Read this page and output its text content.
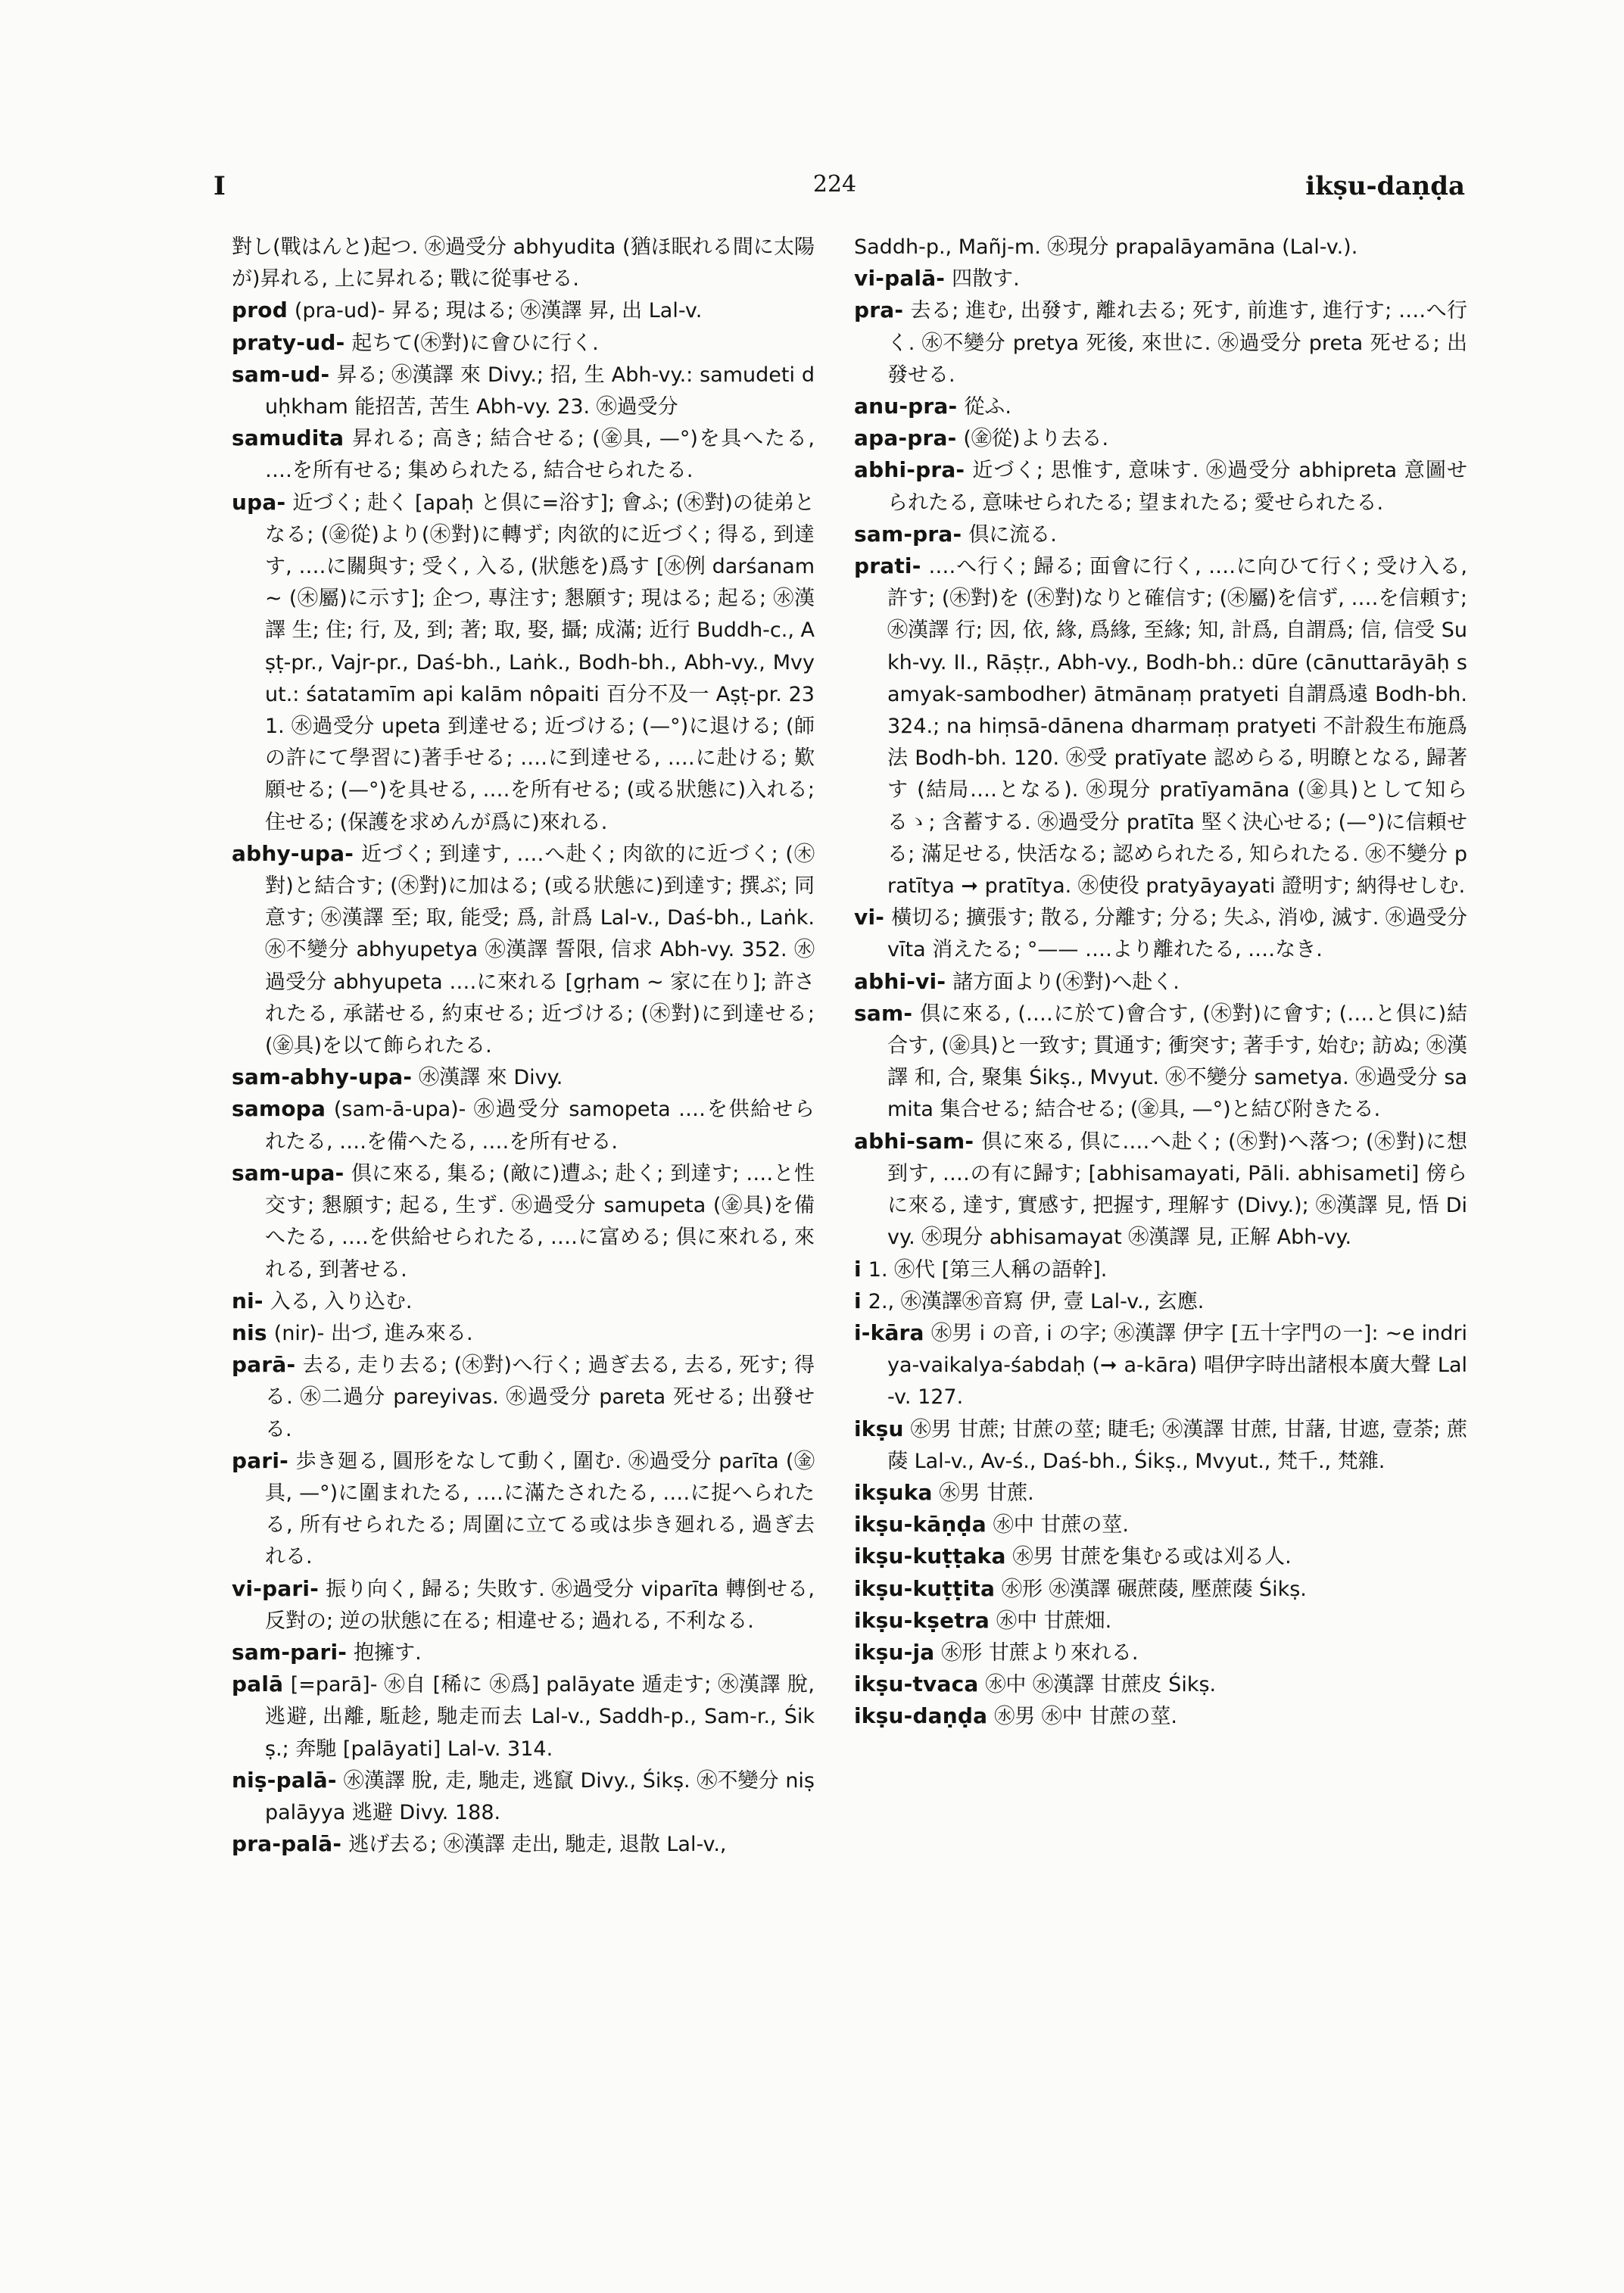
I	224	ikṣu-daṇḍa
對し(戰はんと)起つ. ㊌過受分 abhyudita (猶ほ眠れる間に太陽が)昇れる, 上に昇れる; 戰に從事せる.
prod (pra-ud)- 昇る; 現はる; ㊌漢譯 昇, 出 Lal-v.
praty-ud- 起ちて(㊍對)に會ひに行く.
sam-ud- 昇る; ㊌漢譯 來 Divy.; 招, 生 Abh-vy.: samudeti duḥkham 能招苦, 苦生 Abh-vy. 23. ㊌過受分
samudita 昇れる; 高き; 結合せる; (㊎具, —°)を具へたる, ‥‥を所有せる; 集められたる, 結合せられたる.
upa- 近づく; 赴く [apaḥ と倶に=浴す]; 會ふ; (㊍對)の徒弟となる; (㊎從)より(㊍對)に轉ず; 肉欲的に近づく; 得る, 到達す, ‥‥に關與す; 受く, 入る, (狀態を)爲す [㊌例 darśanam ∼ (㊍屬)に示す]; 企つ, 專注す; 懇願す; 現はる; 起る; ㊌漢譯 生; 住; 行, 及, 到; 著; 取, 娶, 攝; 成滿; 近行 Buddh-c., Aṣṭ-pr., Vajr-pr., Daś-bh., Laṅk., Bodh-bh., Abh-vy., Mvyut.: śatatamīm api kalām nôpaiti 百分不及一 Aṣṭ-pr. 231. ㊌過受分 upeta 到達せる; 近づける; (—°)に退ける; (師の許にて學習に)著手せる; ‥‥に到達せる, ‥‥に赴ける; 歎願せる; (—°)を具せる, ‥‥を所有せる; (或る狀態に)入れる; 住せる; (保護を求めんが爲に)來れる.
abhy-upa- 近づく; 到達す, ‥‥へ赴く; 肉欲的に近づく; (㊍對)と結合す; (㊍對)に加はる; (或る狀態に)到達す; 撰ぶ; 同意す; ㊌漢譯 至; 取, 能受; 爲, 計爲 Lal-v., Daś-bh., Laṅk. ㊌不變分 abhyupetya ㊌漢譯 誓限, 信求 Abh-vy. 352. ㊌過受分 abhyupeta ‥‥に來れる [gṛham ∼ 家に在り]; 許されたる, 承諾せる, 約束せる; 近づける; (㊍對)に到達せる; (㊎具)を以て飾られたる.
sam-abhy-upa- ㊌漢譯 來 Divy.
samopa (sam-ā-upa)- ㊌過受分 samopeta ‥‥を供給せられたる, ‥‥を備へたる, ‥‥を所有せる.
sam-upa- 倶に來る, 集る; (敵に)遭ふ; 赴く; 到達す; ‥‥と性交す; 懇願す; 起る, 生ず. ㊌過受分 samupeta (㊎具)を備へたる, ‥‥を供給せられたる, ‥‥に富める; 倶に來れる, 來れる, 到著せる.
ni- 入る, 入り込む.
nis (nir)- 出づ, 進み來る.
parā- 去る, 走り去る; (㊍對)へ行く; 過ぎ去る, 去る, 死す; 得る. ㊌二過分 pareyivas. ㊌過受分 pareta 死せる; 出發せる.
pari- 歩き廻る, 圓形をなして動く, 圍む. ㊌過受分 parīta (㊎具, —°)に圍まれたる, ‥‥に滿たされたる, ‥‥に捉へられたる, 所有せられたる; 周圍に立てる或は歩き廻れる, 過ぎ去れる.
vi-pari- 振り向く, 歸る; 失敗す. ㊌過受分 viparīta 轉倒せる, 反對の; 逆の狀態に在る; 相違せる; 過れる, 不利なる.
sam-pari- 抱擁す.
palā [=parā]- ㊌自 [稀に ㊌爲] palāyate 遁走す; ㊌漢譯 脫, 逃避, 出離, 駈趁, 馳走而去 Lal-v., Saddh-p., Sam-r., Śikṣ.; 奔馳 [palāyati] Lal-v. 314.
niṣ-palā- ㊌漢譯 脫, 走, 馳走, 逃竄 Divy., Śikṣ. ㊌不變分 niṣpalāyya 逃避 Divy. 188.
pra-palā- 逃げ去る; ㊌漢譯 走出, 馳走, 退散 Lal-v.,
Saddh-p., Mañj-m. ㊌現分 prapalāyamāna (Lal-v.).
vi-palā- 四散す.
pra- 去る; 進む, 出發す, 離れ去る; 死す, 前進す, 進行す; ‥‥へ行く. ㊌不變分 pretya 死後, 來世に. ㊌過受分 preta 死せる; 出發せる.
anu-pra- 從ふ.
apa-pra- (㊎從)より去る.
abhi-pra- 近づく; 思惟す, 意味す. ㊌過受分 abhipreta 意圖せられたる, 意味せられたる; 望まれたる; 愛せられたる.
sam-pra- 倶に流る.
prati- ‥‥へ行く; 歸る; 面會に行く, ‥‥に向ひて行く; 受け入る, 許す; (㊍對)を (㊍對)なりと確信す; (㊍屬)を信ず, ‥‥を信頼す; ㊌漢譯 行; 因, 依, 緣, 爲緣, 至緣; 知, 計爲, 自謂爲; 信, 信受 Sukh-vy. II., Rāṣṭr., Abh-vy., Bodh-bh.: dūre (cānuttarāyāḥ samyak-sambodher) ātmānaṃ pratyeti 自謂爲遠 Bodh-bh. 324.; na hiṃsā-dānena dharmaṃ pratyeti 不計殺生布施爲法 Bodh-bh. 120. ㊌受 pratīyate 認めらる, 明瞭となる, 歸著す (結局‥‥となる). ㊌現分 pratīyamāna (㊎具)として知らるゝ; 含蓄する. ㊌過受分 pratīta 堅く決心せる; (—°)に信頼せる; 滿足せる, 快活なる; 認められたる, 知られたる. ㊌不變分 pratītya ➞ pratītya. ㊌使役 pratyāyayati 證明す; 納得せしむ.
vi- 橫切る; 擴張す; 散る, 分離す; 分る; 失ふ, 消ゆ, 滅す. ㊌過受分 vīta 消えたる; °—— ‥‥より離れたる, ‥‥なき.
abhi-vi- 諸方面より(㊍對)へ赴く.
sam- 倶に來る, (‥‥に於て)會合す, (㊍對)に會す; (‥‥と倶に)結合す, (㊎具)と一致す; 貫通す; 衝突す; 著手す, 始む; 訪ぬ; ㊌漢譯 和, 合, 聚集 Śikṣ., Mvyut. ㊌不變分 sametya. ㊌過受分 samita 集合せる; 結合せる; (㊎具, —°)と結び附きたる.
abhi-sam- 倶に來る, 倶に‥‥へ赴く; (㊍對)へ落つ; (㊍對)に想到す, ‥‥の有に歸す; [abhisamayati, Pāli. abhisameti] 傍らに來る, 達す, 實感す, 把握す, 理解す (Divy.); ㊌漢譯 見, 悟 Divy. ㊌現分 abhisamayat ㊌漢譯 見, 正解 Abh-vy.
i 1. ㊌代 [第三人稱の語幹].
i 2., ㊌漢譯㊌音寫 伊, 壹 Lal-v., 玄應.
i-kāra ㊌男 i の音, i の字; ㊌漢譯 伊字 [五十字門の一]: ∼e indriya-vaikalya-śabdaḥ (➞ a-kāra) 唱伊字時出諸根本廣大聲 Lal-v. 127.
ikṣu ㊌男 甘蔗; 甘蔗の莖; 睫毛; ㊌漢譯 甘蔗, 甘藷, 甘遮, 壹荼; 蔗䔖 Lal-v., Av-ś., Daś-bh., Śikṣ., Mvyut., 梵千., 梵雜.
ikṣuka ㊌男 甘蔗.
ikṣu-kāṇḍa ㊌中 甘蔗の莖.
ikṣu-kuṭṭaka ㊌男 甘蔗を集むる或は刈る人.
ikṣu-kuṭṭita ㊌形 ㊌漢譯 碾蔗䔖, 壓蔗䔖 Śikṣ.
ikṣu-kṣetra ㊌中 甘蔗畑.
ikṣu-ja ㊌形 甘蔗より來れる.
ikṣu-tvaca ㊌中 ㊌漢譯 甘蔗皮 Śikṣ.
ikṣu-daṇḍa ㊌男 ㊌中 甘蔗の莖.
